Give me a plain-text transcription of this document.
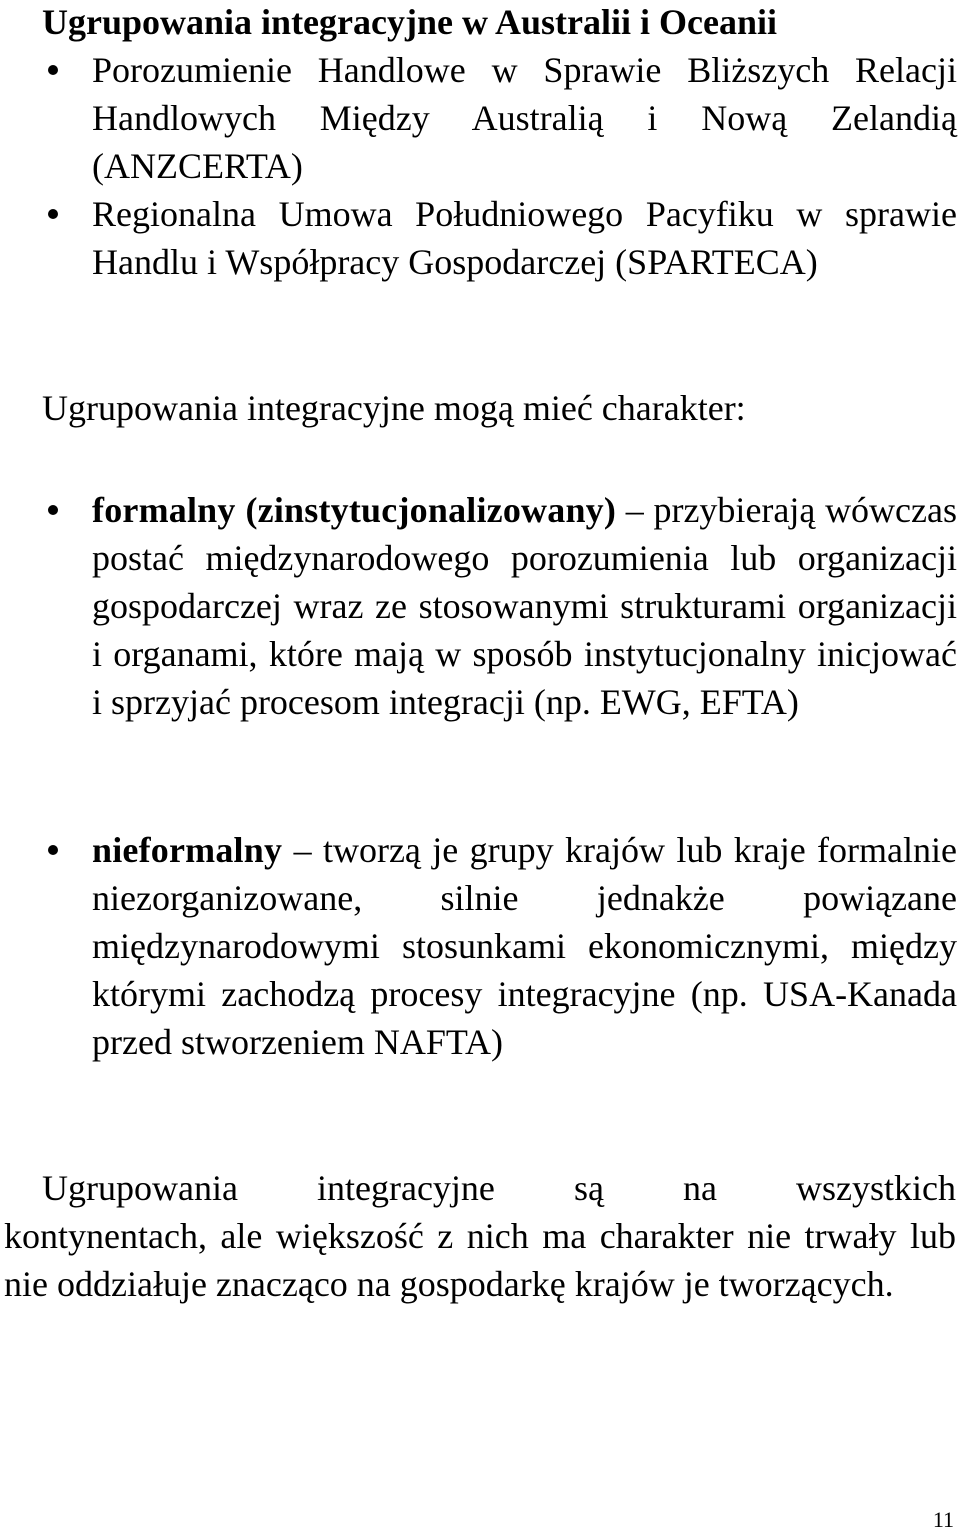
Ugrupowania integracyjne w Australii i Oceanii
Porozumienie Handlowe w Sprawie Bliższych Relacji Handlowych Między Australią i Nową Zelandią (ANZCERTA)
Regionalna Umowa Południowego Pacyfiku w sprawie Handlu i Współpracy Gospodarczej (SPARTECA)

Ugrupowania integracyjne mogą mieć charakter:

formalny (zinstytucjonalizowany) – przybierają wówczas postać międzynarodowego porozumienia lub organizacji gospodarczej wraz ze stosowanymi strukturami organizacji i organami, które mają w sposób instytucjonalny inicjować i sprzyjać procesom integracji (np. EWG, EFTA)
nieformalny – tworzą je grupy krajów lub kraje formalnie niezorganizowane, silnie jednakże powiązane międzynarodowymi stosunkami ekonomicznymi, między którymi zachodzą procesy integracyjne (np. USA-Kanada przed stworzeniem NAFTA)

Ugrupowania integracyjne są na wszystkich

kontynentach, ale większość z nich ma charakter nie trwały lub nie oddziałuje znacząco na gospodarkę krajów je tworzących.

11
